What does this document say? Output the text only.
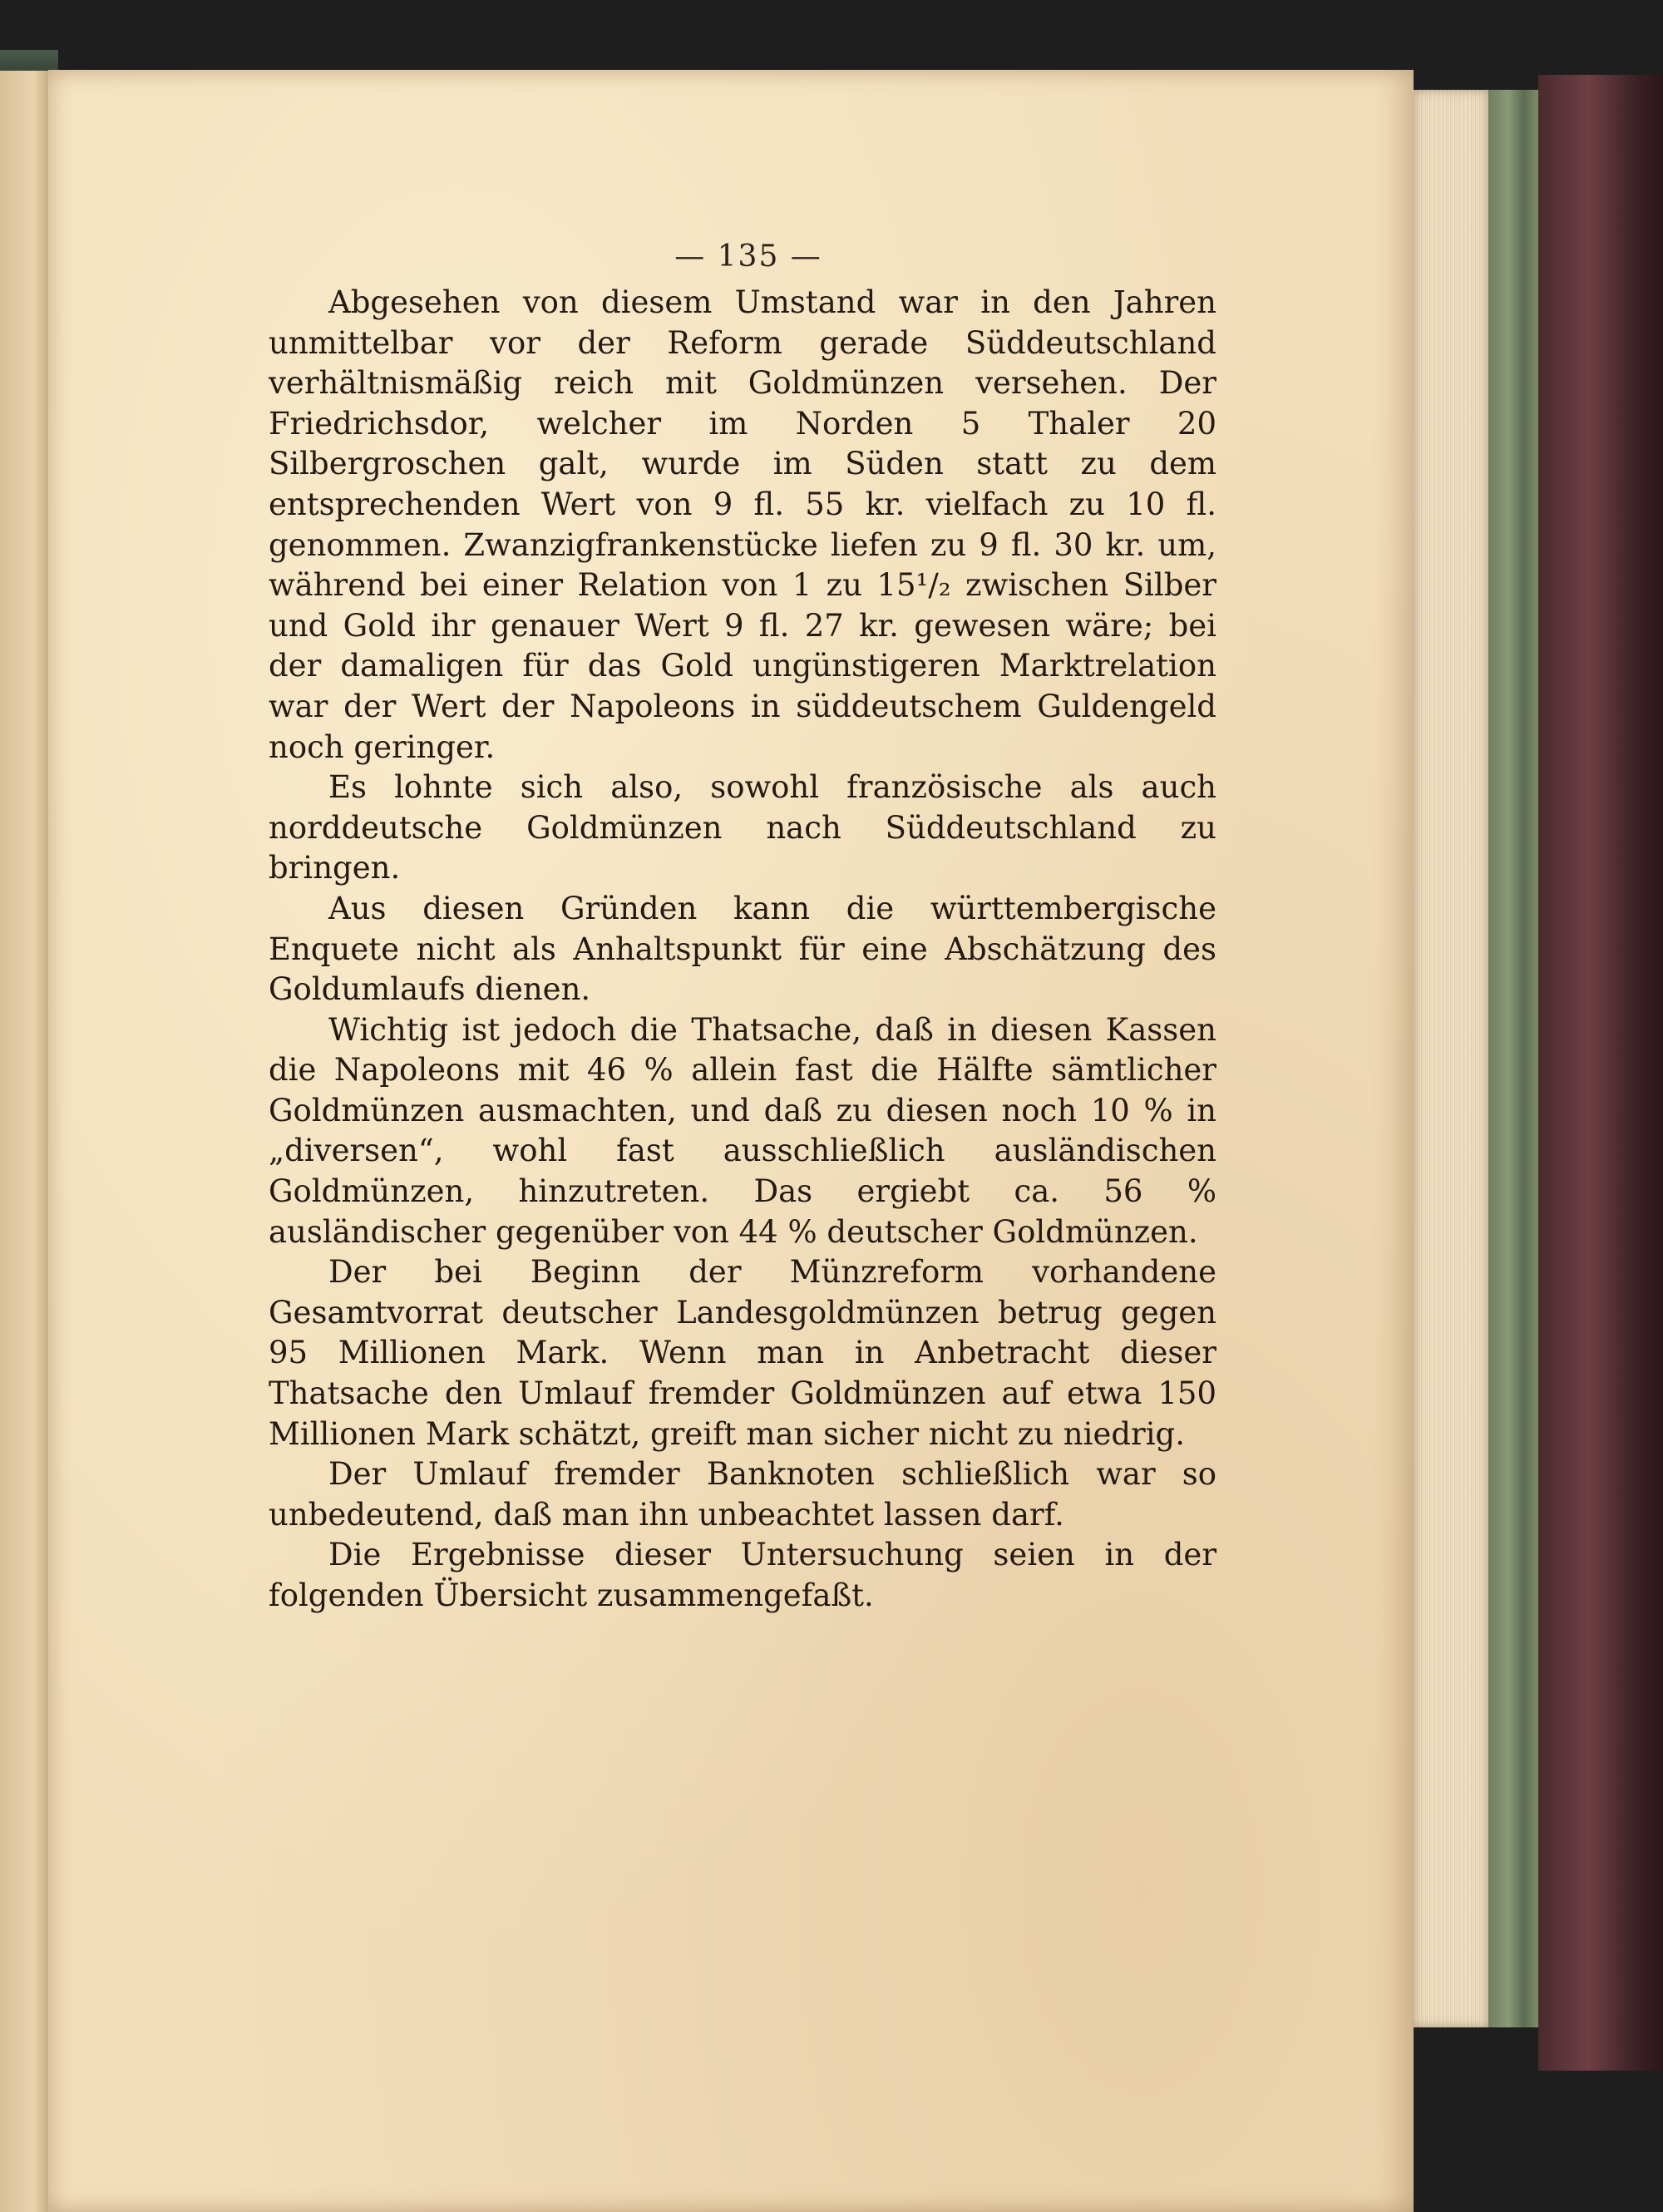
— 135 —

Abgesehen von diesem Umstand war in den Jahren unmittelbar vor der Reform gerade Süddeutschland verhältnismäßig reich mit Goldmünzen versehen. Der Friedrichsdor, welcher im Norden 5 Thaler 20 Silbergroschen galt, wurde im Süden statt zu dem entsprechenden Wert von 9 fl. 55 kr. vielfach zu 10 fl. genommen. Zwanzigfrankenstücke liefen zu 9 fl. 30 kr. um, während bei einer Relation von 1 zu 15¹/₂ zwischen Silber und Gold ihr genauer Wert 9 fl. 27 kr. gewesen wäre; bei der damaligen für das Gold ungünstigeren Marktrelation war der Wert der Napoleons in süddeutschem Guldengeld noch geringer.

Es lohnte sich also, sowohl französische als auch norddeutsche Goldmünzen nach Süddeutschland zu bringen.

Aus diesen Gründen kann die württembergische Enquete nicht als Anhaltspunkt für eine Abschätzung des Goldumlaufs dienen.

Wichtig ist jedoch die Thatsache, daß in diesen Kassen die Napoleons mit 46 % allein fast die Hälfte sämtlicher Goldmünzen ausmachten, und daß zu diesen noch 10 % in „diversen“, wohl fast ausschließlich ausländischen Goldmünzen, hinzutreten. Das ergiebt ca. 56 % ausländischer gegenüber von 44 % deutscher Goldmünzen.

Der bei Beginn der Münzreform vorhandene Gesamtvorrat deutscher Landesgoldmünzen betrug gegen 95 Millionen Mark. Wenn man in Anbetracht dieser Thatsache den Umlauf fremder Goldmünzen auf etwa 150 Millionen Mark schätzt, greift man sicher nicht zu niedrig.

Der Umlauf fremder Banknoten schließlich war so unbedeutend, daß man ihn unbeachtet lassen darf.

Die Ergebnisse dieser Untersuchung seien in der folgenden Übersicht zusammengefaßt.
